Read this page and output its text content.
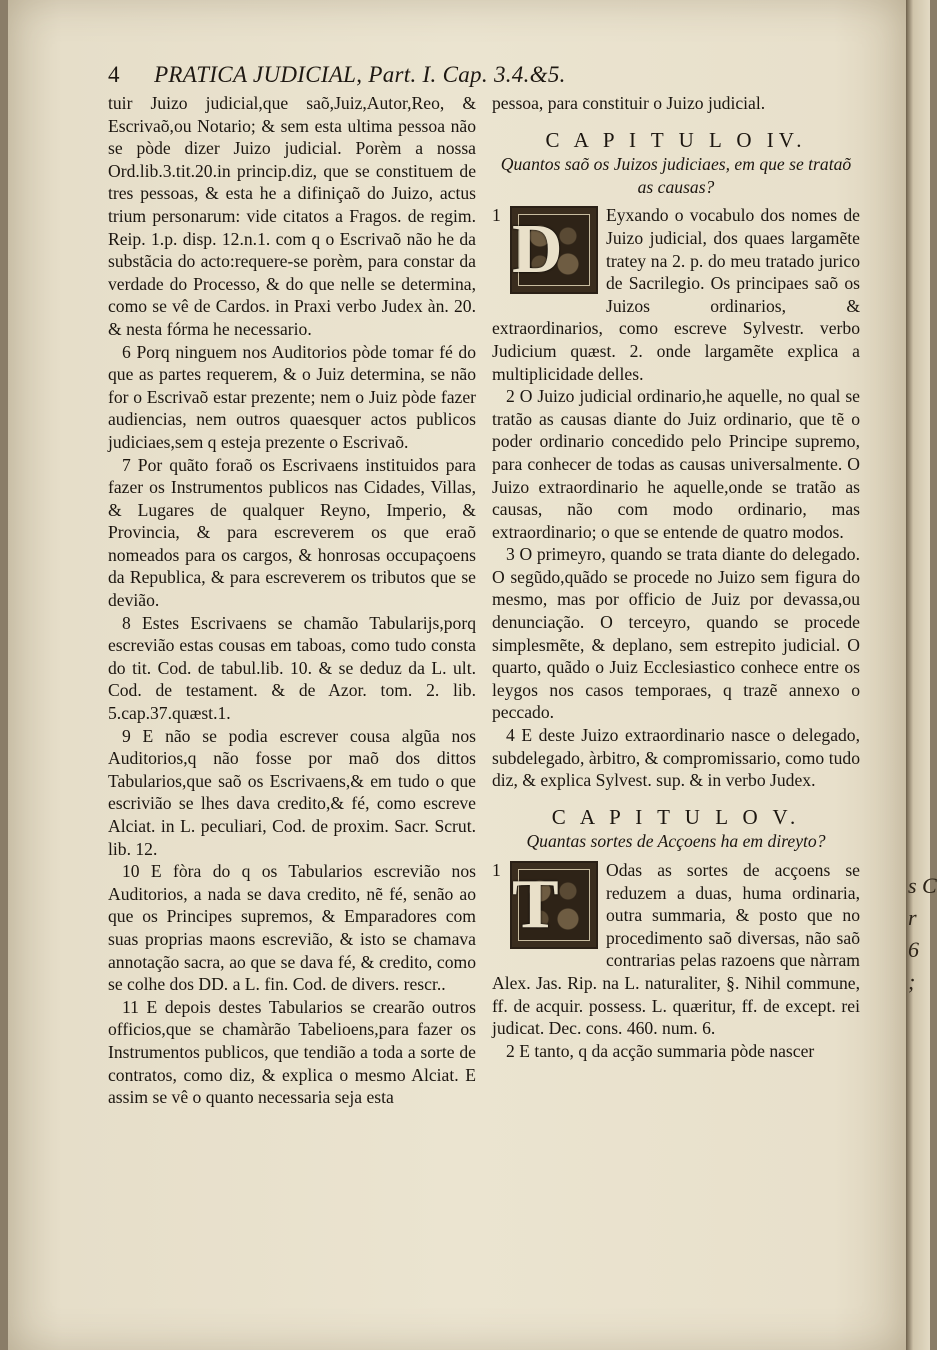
s C
r
6
;
4 PRATICA JUDICIAL, Part. I. Cap. 3.4.&5.

tuir Juizo judicial,que saõ,Juiz,Autor,Reo, & Escrivaõ,ou Notario; & sem esta ultima pessoa não se pòde dizer Juizo judicial. Porèm a nossa Ord.lib.3.tit.20.in princip.diz, que se constituem de tres pessoas, & esta he a difiniçaõ do Juizo, actus trium personarum: vide citatos a Fragos. de regim. Reip. 1.p. disp. 12.n.1. com q o Escrivaõ não he da substãcia do acto:requere-se porèm, para constar da verdade do Processo, & do que nelle se determina, como se vê de Cardos. in Praxi verbo Judex àn. 20. & nesta fórma he necessario.

6 Porq ninguem nos Auditorios pòde tomar fé do que as partes requerem, & o Juiz determina, se não for o Escrivaõ estar prezente; nem o Juiz pòde fazer audiencias, nem outros quaesquer actos publicos judiciaes,sem q esteja prezente o Escrivaõ.

7 Por quãto foraõ os Escrivaens instituidos para fazer os Instrumentos publicos nas Cidades, Villas, & Lugares de qualquer Reyno, Imperio, & Provincia, & para escreverem os que eraõ nomeados para os cargos, & honrosas occupaçoens da Republica, & para escreverem os tributos que se devião.

8 Estes Escrivaens se chamão Tabularijs,porq escrevião estas cousas em taboas, como tudo consta do tit. Cod. de tabul.lib. 10. & se deduz da L. ult. Cod. de testament. & de Azor. tom. 2. lib. 5.cap.37.quæst.1.

9 E não se podia escrever cousa algũa nos Auditorios,q não fosse por maõ dos dittos Tabularios,que saõ os Escrivaens,& em tudo o que escrivião se lhes dava credito,& fé, como escreve Alciat. in L. peculiari, Cod. de proxim. Sacr. Scrut. lib. 12.

10 E fòra do q os Tabularios escrevião nos Auditorios, a nada se dava credito, nẽ fé, senão ao que os Principes supremos, & Emparadores com suas proprias maons escrevião, & isto se chamava annotação sacra, ao que se dava fé, & credito, como se colhe dos DD. a L. fin. Cod. de divers. rescr..

11 E depois destes Tabularios se crearão outros officios,que se chamàrão Tabelioens,para fazer os Instrumentos publicos, que tendião a toda a sorte de contratos, como diz, & explica o mesmo Alciat. E assim se vê o quanto necessaria seja esta

pessoa, para constituir o Juizo judicial.

C A P I T U L O IV.

Quantos saõ os Juizos judiciaes, em que se trataõ as causas?

1 D	Eyxando o vocabulo dos nomes de Juizo judicial, dos quaes largamẽte tratey na 2. p. do meu tratado jurico de Sacrilegio. Os principaes saõ os Juizos ordinarios, & extraordinarios, como escreve Sylvestr. verbo Judicium quæst. 2. onde largamẽte explica a multiplicidade delles.

2 O Juizo judicial ordinario,he aquelle, no qual se tratão as causas diante do Juiz ordinario, que tẽ o poder ordinario concedido pelo Principe supremo, para conhecer de todas as causas universalmente. O Juizo extraordinario he aquelle,onde se tratão as causas, não com modo ordinario, mas extraordinario; o que se entende de quatro modos.

3 O primeyro, quando se trata diante do delegado. O segũdo,quãdo se procede no Juizo sem figura do mesmo, mas por officio de Juiz por devassa,ou denunciação. O terceyro, quando se procede simplesmẽte, & deplano, sem estrepito judicial. O quarto, quãdo o Juiz Ecclesiastico conhece entre os leygos nos casos temporaes, q trazẽ annexo o peccado.

4 E deste Juizo extraordinario nasce o delegado, subdelegado, àrbitro, & compromissario, como tudo diz, & explica Sylvest. sup. & in verbo Judex.

C A P I T U L O V.

Quantas sortes de Acçoens ha em direyto?

1 T	Odas as sortes de acçoens se reduzem a duas, huma ordinaria, outra summaria, & posto que no procedimento saõ diversas, não saõ contrarias pelas razoens que nàrram Alex. Jas. Rip. na L. naturaliter, §. Nihil commune, ff. de acquir. possess. L. quæritur, ff. de except. rei judicat. Dec. cons. 460. num. 6.

2 E tanto, q da acção summaria pòde nascer
